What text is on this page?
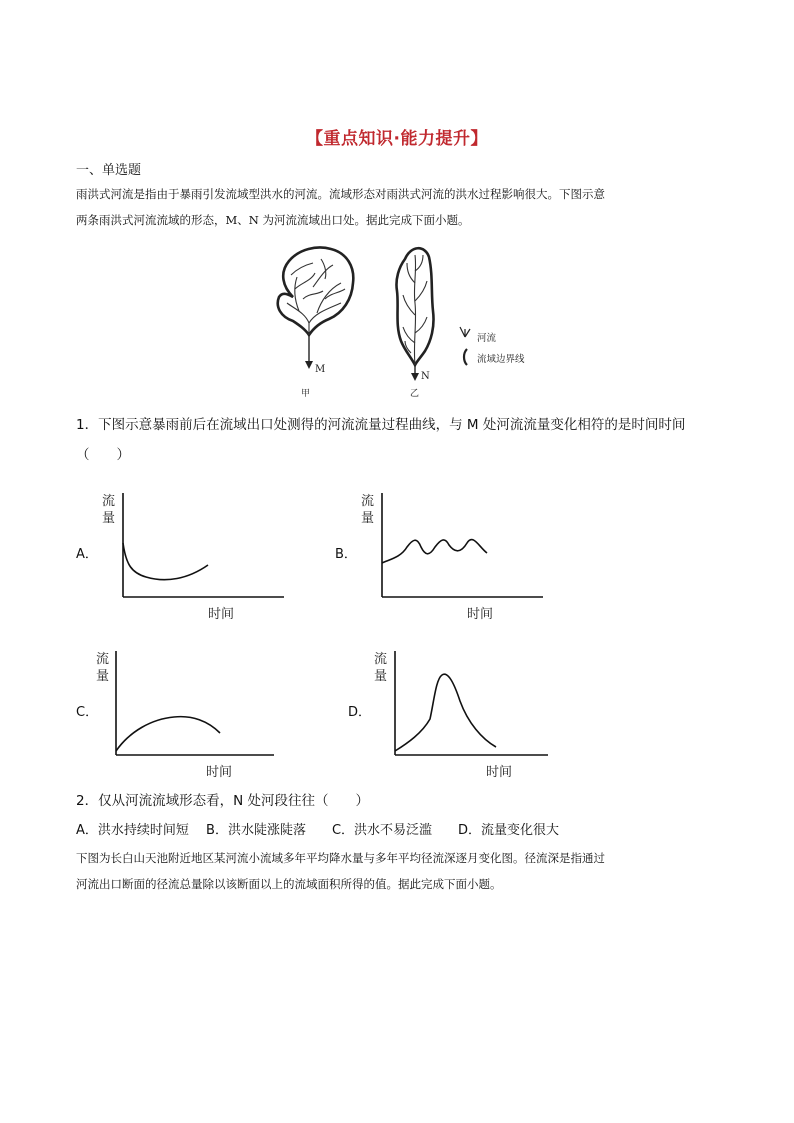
【重点知识·能力提升】
一、单选题
雨洪式河流是指由于暴雨引发流域型洪水的河流。流域形态对雨洪式河流的洪水过程影响很大。下图示意
两条雨洪式河流流域的形态，M、N 为河流流域出口处。据此完成下面小题。
M
甲
N
乙
河流
流域边界线
1．下图示意暴雨前后在流域出口处测得的河流流量过程曲线，与 M 处河流流量变化相符的是时间时间
（　　）
A．
流
量
时间
B．
流
量
时间
C．
流
量
时间
D．
流
量
时间
2．仅从河流流域形态看，N 处河段往往（　　）
A．洪水持续时间短　 B．洪水陡涨陡落　　C．洪水不易泛滥　　D．流量变化很大
下图为长白山天池附近地区某河流小流域多年平均降水量与多年平均径流深逐月变化图。径流深是指通过
河流出口断面的径流总量除以该断面以上的流域面积所得的值。据此完成下面小题。
